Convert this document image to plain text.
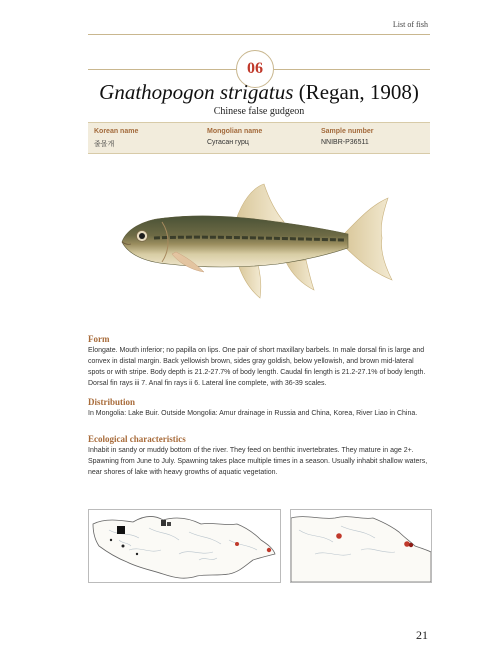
List of fish
06
Gnathopogon strigatus (Regan, 1908)
Chinese false gudgeon
Korean name
줄몰개
Mongolian name
Сугасан гурц
Sample number
NNIBR-P36511
Form
Elongate. Mouth inferior; no papilla on lips. One pair of short maxillary barbels. In male dorsal fin is large and convex in distal margin. Back yellowish brown, sides gray goldish, below yellowish, and brown mid-lateral spots or with stripe. Body depth is 21.2-27.7% of body length. Caudal fin length is 21.2-27.1% of body length. Dorsal fin rays iii 7. Anal fin rays ii 6. Lateral line complete, with 36-39 scales.
Distribution
In Mongolia: Lake Buir. Outside Mongolia: Amur drainage in Russia and China, Korea, River Liao in China.
Ecological characteristics
Inhabit in sandy or muddy bottom of the river. They feed on benthic invertebrates. They mature in age 2+. Spawning from June to July. Spawning takes place multiple times in a season. Usually inhabit shallow waters, near shores of lake with heavy growths of aquatic vegetation.
21
